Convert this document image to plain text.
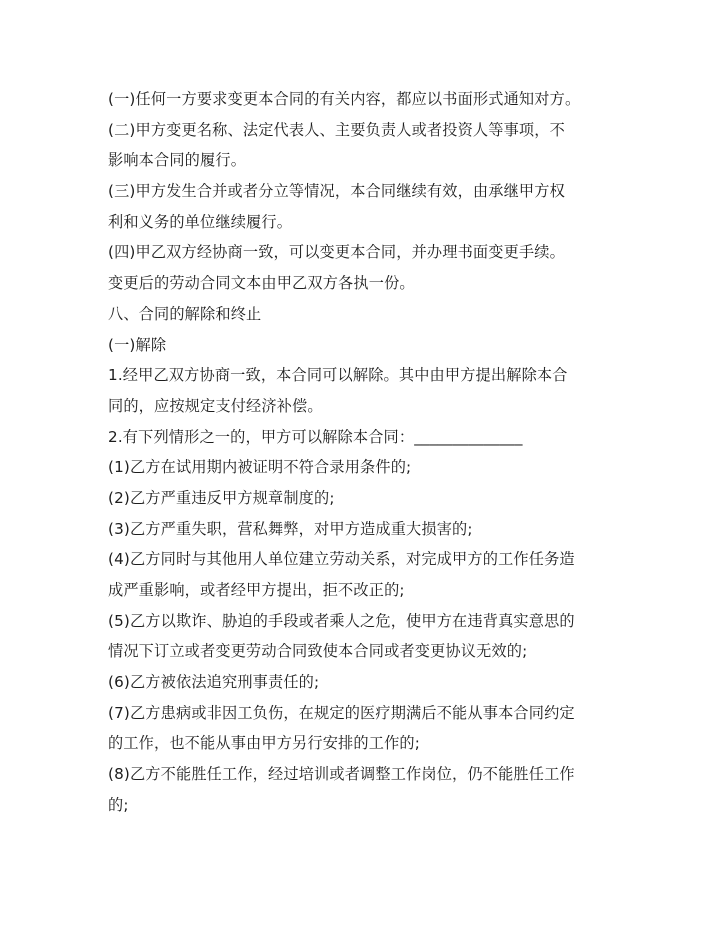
(一)任何一方要求变更本合同的有关内容，都应以书面形式通知对方。
(二)甲方变更名称、法定代表人、主要负责人或者投资人等事项，不
影响本合同的履行。
(三)甲方发生合并或者分立等情况，本合同继续有效，由承继甲方权
利和义务的单位继续履行。
(四)甲乙双方经协商一致，可以变更本合同，并办理书面变更手续。
变更后的劳动合同文本由甲乙双方各执一份。
八、合同的解除和终止
(一)解除
1.经甲乙双方协商一致，本合同可以解除。其中由甲方提出解除本合
同的，应按规定支付经济补偿。
2.有下列情形之一的，甲方可以解除本合同：______________
(1)乙方在试用期内被证明不符合录用条件的;
(2)乙方严重违反甲方规章制度的;
(3)乙方严重失职，营私舞弊，对甲方造成重大损害的;
(4)乙方同时与其他用人单位建立劳动关系，对完成甲方的工作任务造
成严重影响，或者经甲方提出，拒不改正的;
(5)乙方以欺诈、胁迫的手段或者乘人之危，使甲方在违背真实意思的
情况下订立或者变更劳动合同致使本合同或者变更协议无效的;
(6)乙方被依法追究刑事责任的;
(7)乙方患病或非因工负伤，在规定的医疗期满后不能从事本合同约定
的工作，也不能从事由甲方另行安排的工作的;
(8)乙方不能胜任工作，经过培训或者调整工作岗位，仍不能胜任工作
的;
